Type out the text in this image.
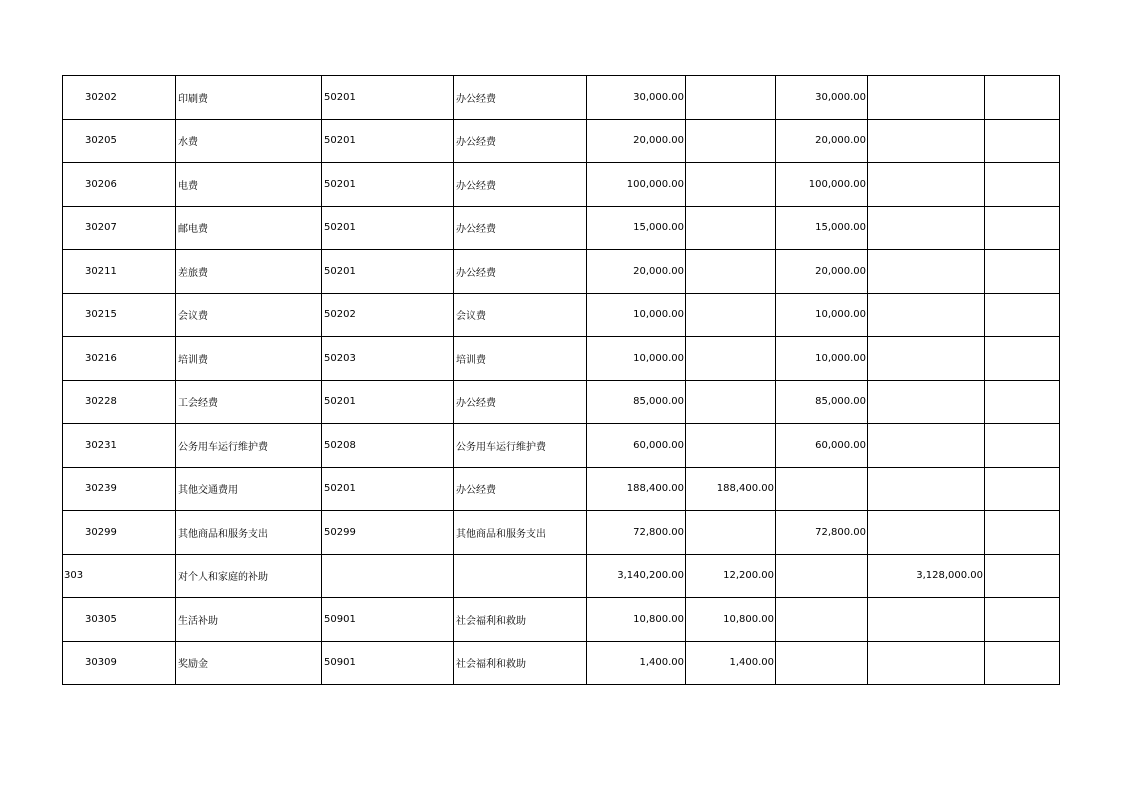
30202	印刷费	50201	办公经费	30,000.00		30,000.00		
30205	水费	50201	办公经费	20,000.00		20,000.00		
30206	电费	50201	办公经费	100,000.00		100,000.00		
30207	邮电费	50201	办公经费	15,000.00		15,000.00		
30211	差旅费	50201	办公经费	20,000.00		20,000.00		
30215	会议费	50202	会议费	10,000.00		10,000.00		
30216	培训费	50203	培训费	10,000.00		10,000.00		
30228	工会经费	50201	办公经费	85,000.00		85,000.00		
30231	公务用车运行维护费	50208	公务用车运行维护费	60,000.00		60,000.00		
30239	其他交通费用	50201	办公经费	188,400.00	188,400.00			
30299	其他商品和服务支出	50299	其他商品和服务支出	72,800.00		72,800.00		
303	对个人和家庭的补助			3,140,200.00	12,200.00		3,128,000.00	
30305	生活补助	50901	社会福利和救助	10,800.00	10,800.00			
30309	奖励金	50901	社会福利和救助	1,400.00	1,400.00			
